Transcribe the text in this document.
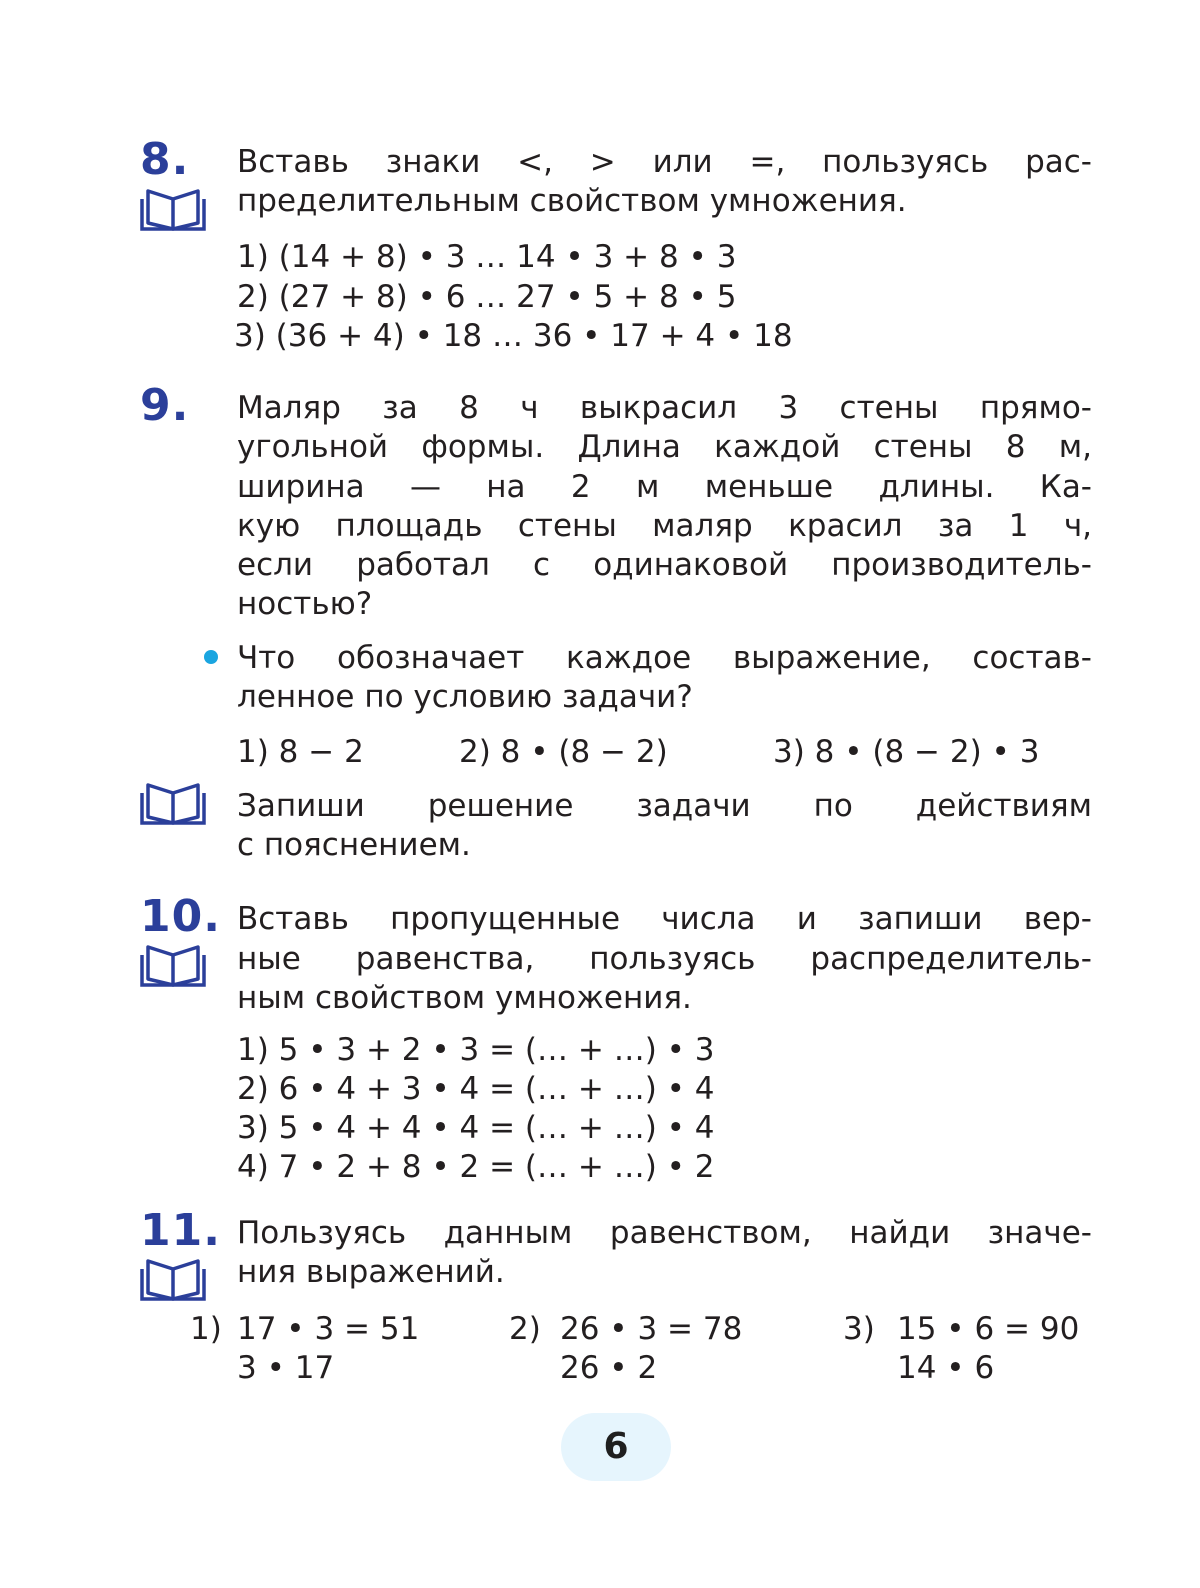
8. Вставь знаки <, > или =, пользуясь рас-
пределительным свойством умножения.
1) (14 + 8) • 3 … 14 • 3 + 8 • 3
2) (27 + 8) • 6 … 27 • 5 + 8 • 5
3) (36 + 4) • 18 … 36 • 17 + 4 • 18
9. Маляр за 8 ч выкрасил 3 стены прямо-
угольной формы. Длина каждой стены 8 м,
ширина — на 2 м меньше длины. Ка-
кую площадь стены маляр красил за 1 ч,
если работал с одинаковой производитель-
ностью?
Что обозначает каждое выражение, состав-
ленное по условию задачи?
1) 8 − 2	2) 8 • (8 − 2)	3) 8 • (8 − 2) • 3
Запиши решение задачи по действиям
с пояснением.
10. Вставь пропущенные числа и запиши вер-
ные равенства, пользуясь распределитель-
ным свойством умножения.
1) 5 • 3 + 2 • 3 = (… + …) • 3
2) 6 • 4 + 3 • 4 = (… + …) • 4
3) 5 • 4 + 4 • 4 = (… + …) • 4
4) 7 • 2 + 8 • 2 = (… + …) • 2
11. Пользуясь данным равенством, найди значе-
ния выражений.
1) 17 • 3 = 51
3 • 17
2) 26 • 3 = 78
26 • 2
3) 15 • 6 = 90
14 • 6
6
